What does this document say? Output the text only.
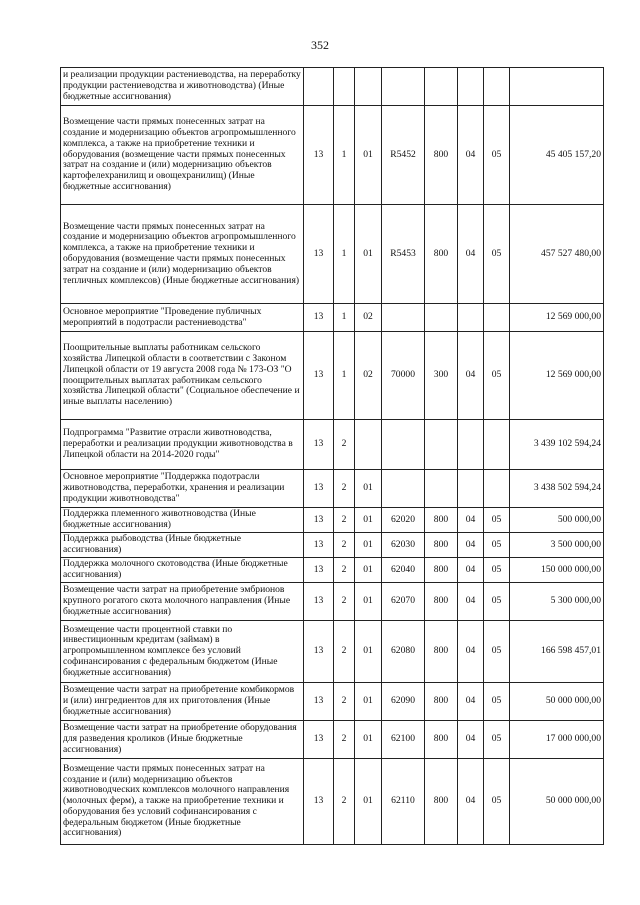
352
и реализации продукции растениеводства, на переработку продукции растениеводства и животноводства) (Иные бюджетные ассигнования)								
Возмещение части прямых понесенных затрат на создание и модернизацию объектов агропромышленного комплекса, а также на приобретение техники и оборудования (возмещение части прямых понесенных затрат на создание и (или) модернизацию объектов картофелехранилищ и овощехранилищ) (Иные бюджетные ассигнования)	13	1	01	R5452	800	04	05	45 405 157,20
Возмещение части прямых понесенных затрат на создание и модернизацию объектов агропромышленного комплекса, а также на приобретение техники и оборудования (возмещение части прямых понесенных затрат на создание и (или) модернизацию объектов тепличных комплексов) (Иные бюджетные ассигнования)	13	1	01	R5453	800	04	05	457 527 480,00
Основное мероприятие "Проведение публичных мероприятий в подотрасли растениеводства"	13	1	02					12 569 000,00
Поощрительные выплаты работникам сельского хозяйства Липецкой области в соответствии с Законом Липецкой области от 19 августа 2008 года № 173-ОЗ "О поощрительных выплатах работникам сельского хозяйства Липецкой области" (Социальное обеспечение и иные выплаты населению)	13	1	02	70000	300	04	05	12 569 000,00
Подпрограмма "Развитие отрасли животноводства, переработки и реализации продукции животноводства в Липецкой области на 2014-2020 годы"	13	2						3 439 102 594,24
Основное мероприятие "Поддержка подотрасли животноводства, переработки, хранения и реализации продукции животноводства"	13	2	01					3 438 502 594,24
Поддержка племенного животноводства (Иные бюджетные ассигнования)	13	2	01	62020	800	04	05	500 000,00
Поддержка рыбоводства (Иные бюджетные ассигнования)	13	2	01	62030	800	04	05	3 500 000,00
Поддержка молочного скотоводства (Иные бюджетные ассигнования)	13	2	01	62040	800	04	05	150 000 000,00
Возмещение части затрат на приобретение эмбрионов крупного рогатого скота молочного направления (Иные бюджетные ассигнования)	13	2	01	62070	800	04	05	5 300 000,00
Возмещение части процентной ставки по инвестиционным кредитам (займам) в агропромышленном комплексе без условий софинансирования с федеральным бюджетом (Иные бюджетные ассигнования)	13	2	01	62080	800	04	05	166 598 457,01
Возмещение части затрат на приобретение комбикормов и (или) ингредиентов для их приготовления (Иные бюджетные ассигнования)	13	2	01	62090	800	04	05	50 000 000,00
Возмещение части затрат на приобретение оборудования для разведения кроликов (Иные бюджетные ассигнования)	13	2	01	62100	800	04	05	17 000 000,00
Возмещение части прямых понесенных затрат на создание и (или) модернизацию объектов животноводческих комплексов молочного направления (молочных ферм), а также на приобретение техники и оборудования без условий софинансирования с федеральным бюджетом (Иные бюджетные ассигнования)	13	2	01	62110	800	04	05	50 000 000,00
